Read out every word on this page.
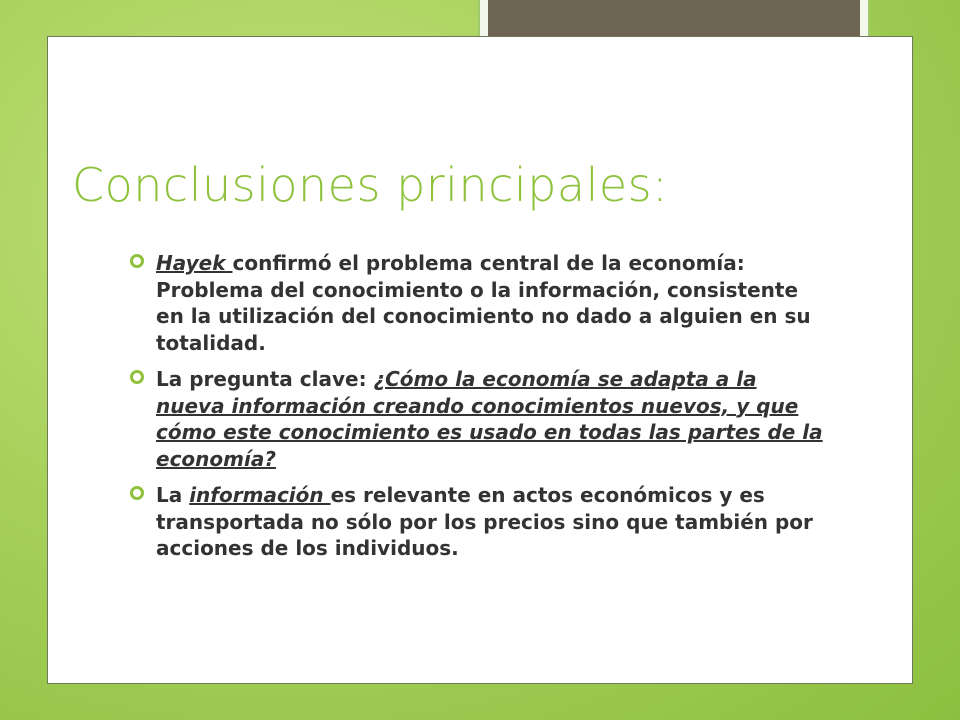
Conclusiones principales:
Hayek confirmó el problema central de la economía: Problema del conocimiento o la información, consistente en la utilización del conocimiento no dado a alguien en su totalidad.
La pregunta clave: ¿Cómo la economía se adapta a la nueva información creando conocimientos nuevos, y que cómo este conocimiento es usado en todas las partes de la economía?
La información es relevante en actos económicos y es transportada no sólo por los precios sino que también por acciones de los individuos.
